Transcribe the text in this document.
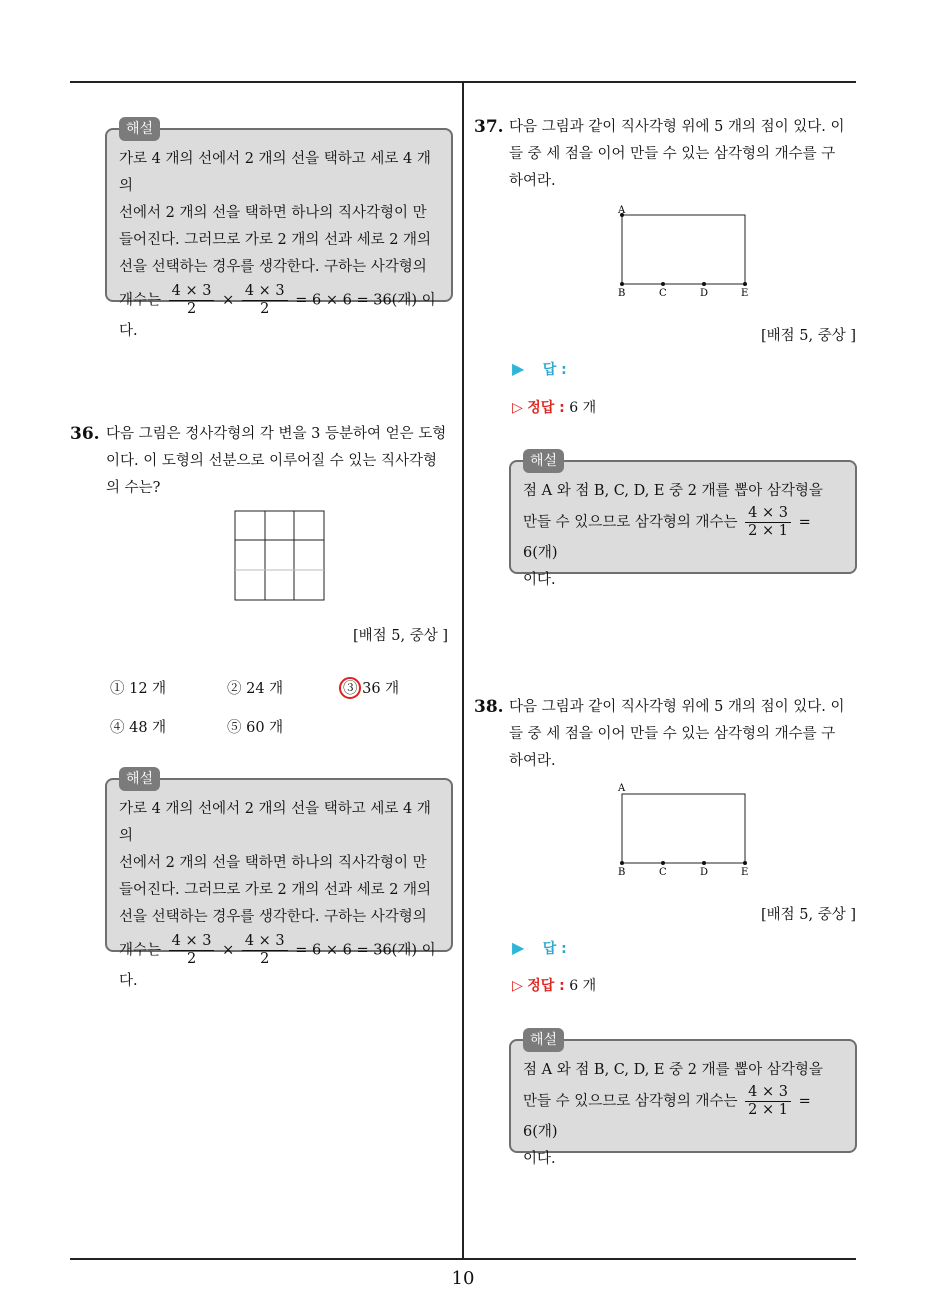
10
해설
가로 4 개의 선에서 2 개의 선을 택하고 세로 4 개의
선에서 2 개의 선을 택하면 하나의 직사각형이 만
들어진다. 그러므로 가로 2 개의 선과 세로 2 개의
선을 선택하는 경우를 생각한다. 구하는 사각형의
개수는 $\frac{4 \times 3}{2} \times \frac{4 \times 3}{2} = 6 \times 6 = 36$(개) 이다.
36. 다음 그림은 정사각형의 각 변을 3 등분하여 얻은 도형
이다. 이 도형의 선분으로 이루어질 수 있는 직사각형
의 수는?
[배점 5, 중상 ]
① 12 개	② 24 개	③ 36 개
④ 48 개	⑤ 60 개
해설
가로 4 개의 선에서 2 개의 선을 택하고 세로 4 개의
선에서 2 개의 선을 택하면 하나의 직사각형이 만
들어진다. 그러므로 가로 2 개의 선과 세로 2 개의
선을 선택하는 경우를 생각한다. 구하는 사각형의
개수는 $\frac{4 \times 3}{2} \times \frac{4 \times 3}{2} = 6 \times 6 = 36$(개) 이다.
37. 다음 그림과 같이 직사각형 위에 5 개의 점이 있다. 이
들 중 세 점을 이어 만들 수 있는 삼각형의 개수를 구
하여라.
A
B	C	D	E
[배점 5, 중상 ]
▶ 답 :
▷ 정답 : 6 개
해설
점 A 와 점 B, C, D, E 중 2 개를 뽑아 삼각형을
만들 수 있으므로 삼각형의 개수는 $\frac{4 \times 3}{2 \times 1} = 6$(개)
이다.
38. 다음 그림과 같이 직사각형 위에 5 개의 점이 있다. 이
들 중 세 점을 이어 만들 수 있는 삼각형의 개수를 구
하여라.
A
B	C	D	E
[배점 5, 중상 ]
▶ 답 :
▷ 정답 : 6 개
해설
점 A 와 점 B, C, D, E 중 2 개를 뽑아 삼각형을
만들 수 있으므로 삼각형의 개수는 $\frac{4 \times 3}{2 \times 1} = 6$(개)
이다.
